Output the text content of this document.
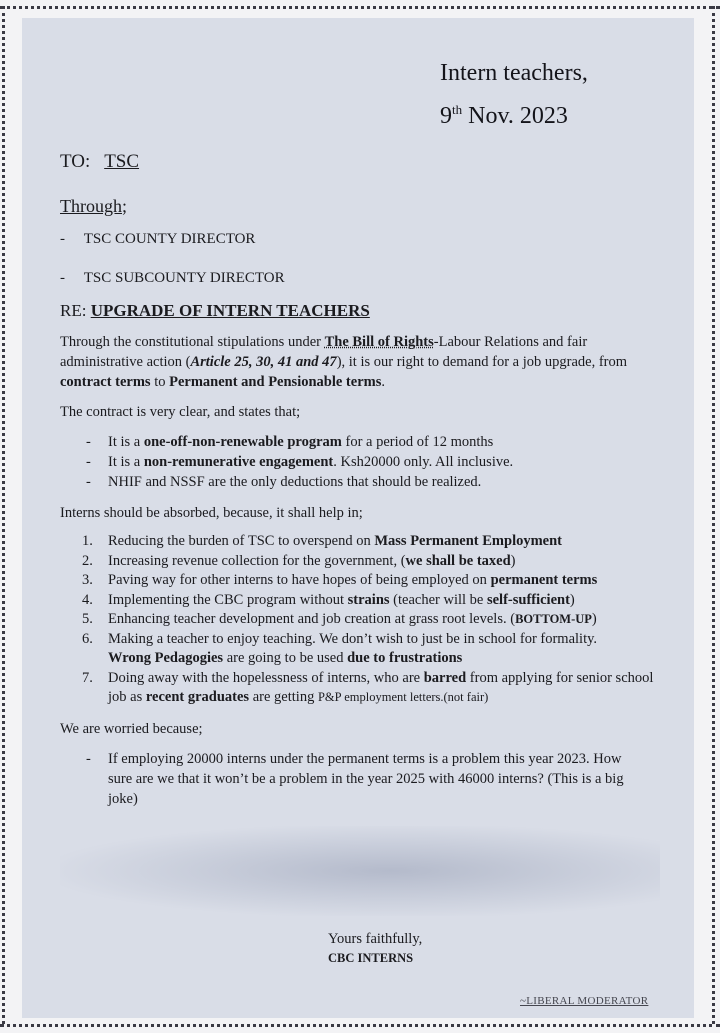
Intern teachers,
9th Nov. 2023
TO: TSC
Through;
-     TSC COUNTY DIRECTOR
-     TSC SUBCOUNTY DIRECTOR
RE: UPGRADE OF INTERN TEACHERS

Through the constitutional stipulations under The Bill of Rights-Labour Relations and fair administrative action (Article 25, 30, 41 and 47), it is our right to demand for a job upgrade, from contract terms to Permanent and Pensionable terms.

The contract is very clear, and states that;

- It is a one-off-non-renewable program for a period of 12 months
- It is a non-remunerative engagement. Ksh20000 only. All inclusive.
- NHIF and NSSF are the only deductions that should be realized.

Interns should be absorbed, because, it shall help in;

1. Reducing the burden of TSC to overspend on Mass Permanent Employment
2. Increasing revenue collection for the government, (we shall be taxed)
3. Paving way for other interns to have hopes of being employed on permanent terms
4. Implementing the CBC program without strains (teacher will be self-sufficient)
5. Enhancing teacher development and job creation at grass root levels. (BOTTOM-UP)
6. Making a teacher to enjoy teaching. We don’t wish to just be in school for formality.
Wrong Pedagogies are going to be used due to frustrations
7. Doing away with the hopelessness of interns, who are barred from applying for senior school job as recent graduates are getting P&P employment letters.(not fair)

We are worried because;

- If employing 20000 interns under the permanent terms is a problem this year 2023. How sure are we that it won’t be a problem in the year 2025 with 46000 interns? (This is a big joke)
Yours faithfully,
CBC INTERNS
~LIBERAL MODERATOR
